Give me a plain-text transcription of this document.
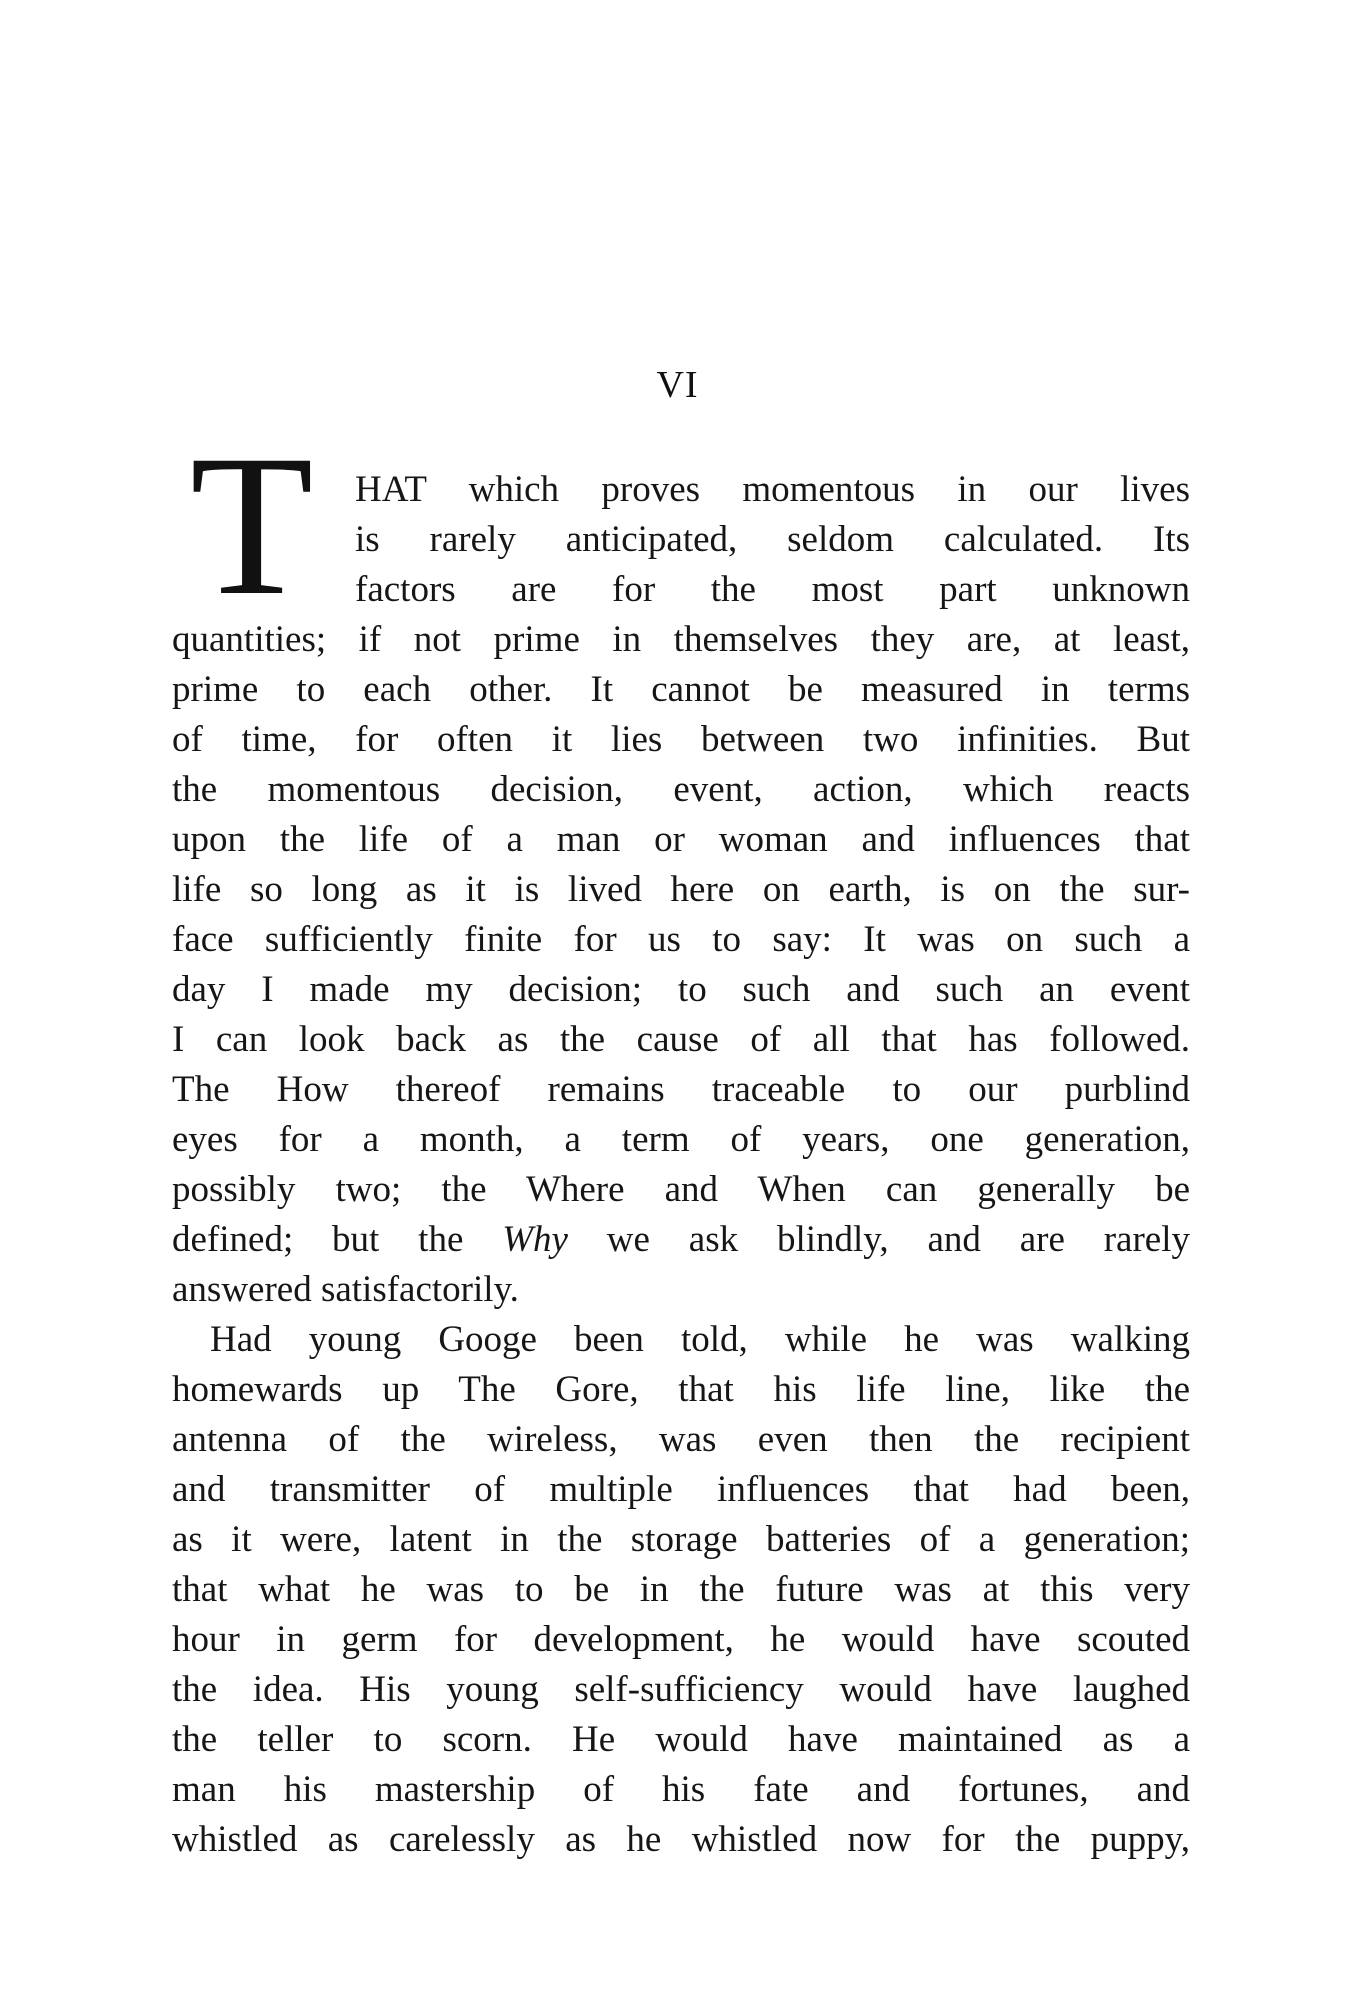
VI
T	HAT which proves momentous in our lives
is rarely anticipated, seldom calculated. Its
factors are for the most part unknown
quantities; if not prime in themselves they are, at least,
prime to each other. It cannot be measured in terms
of time, for often it lies between two infinities. But
the momentous decision, event, action, which reacts
upon the life of a man or woman and influences that
life so long as it is lived here on earth, is on the sur-
face sufficiently finite for us to say: It was on such a
day I made my decision; to such and such an event
I can look back as the cause of all that has followed.
The How thereof remains traceable to our purblind
eyes for a month, a term of years, one generation,
possibly two; the Where and When can generally be
defined; but the Why we ask blindly, and are rarely
answered satisfactorily.
Had young Googe been told, while he was walking
homewards up The Gore, that his life line, like the
antenna of the wireless, was even then the recipient
and transmitter of multiple influences that had been,
as it were, latent in the storage batteries of a generation;
that what he was to be in the future was at this very
hour in germ for development, he would have scouted
the idea. His young self-sufficiency would have laughed
the teller to scorn. He would have maintained as a
man his mastership of his fate and fortunes, and
whistled as carelessly as he whistled now for the puppy,
